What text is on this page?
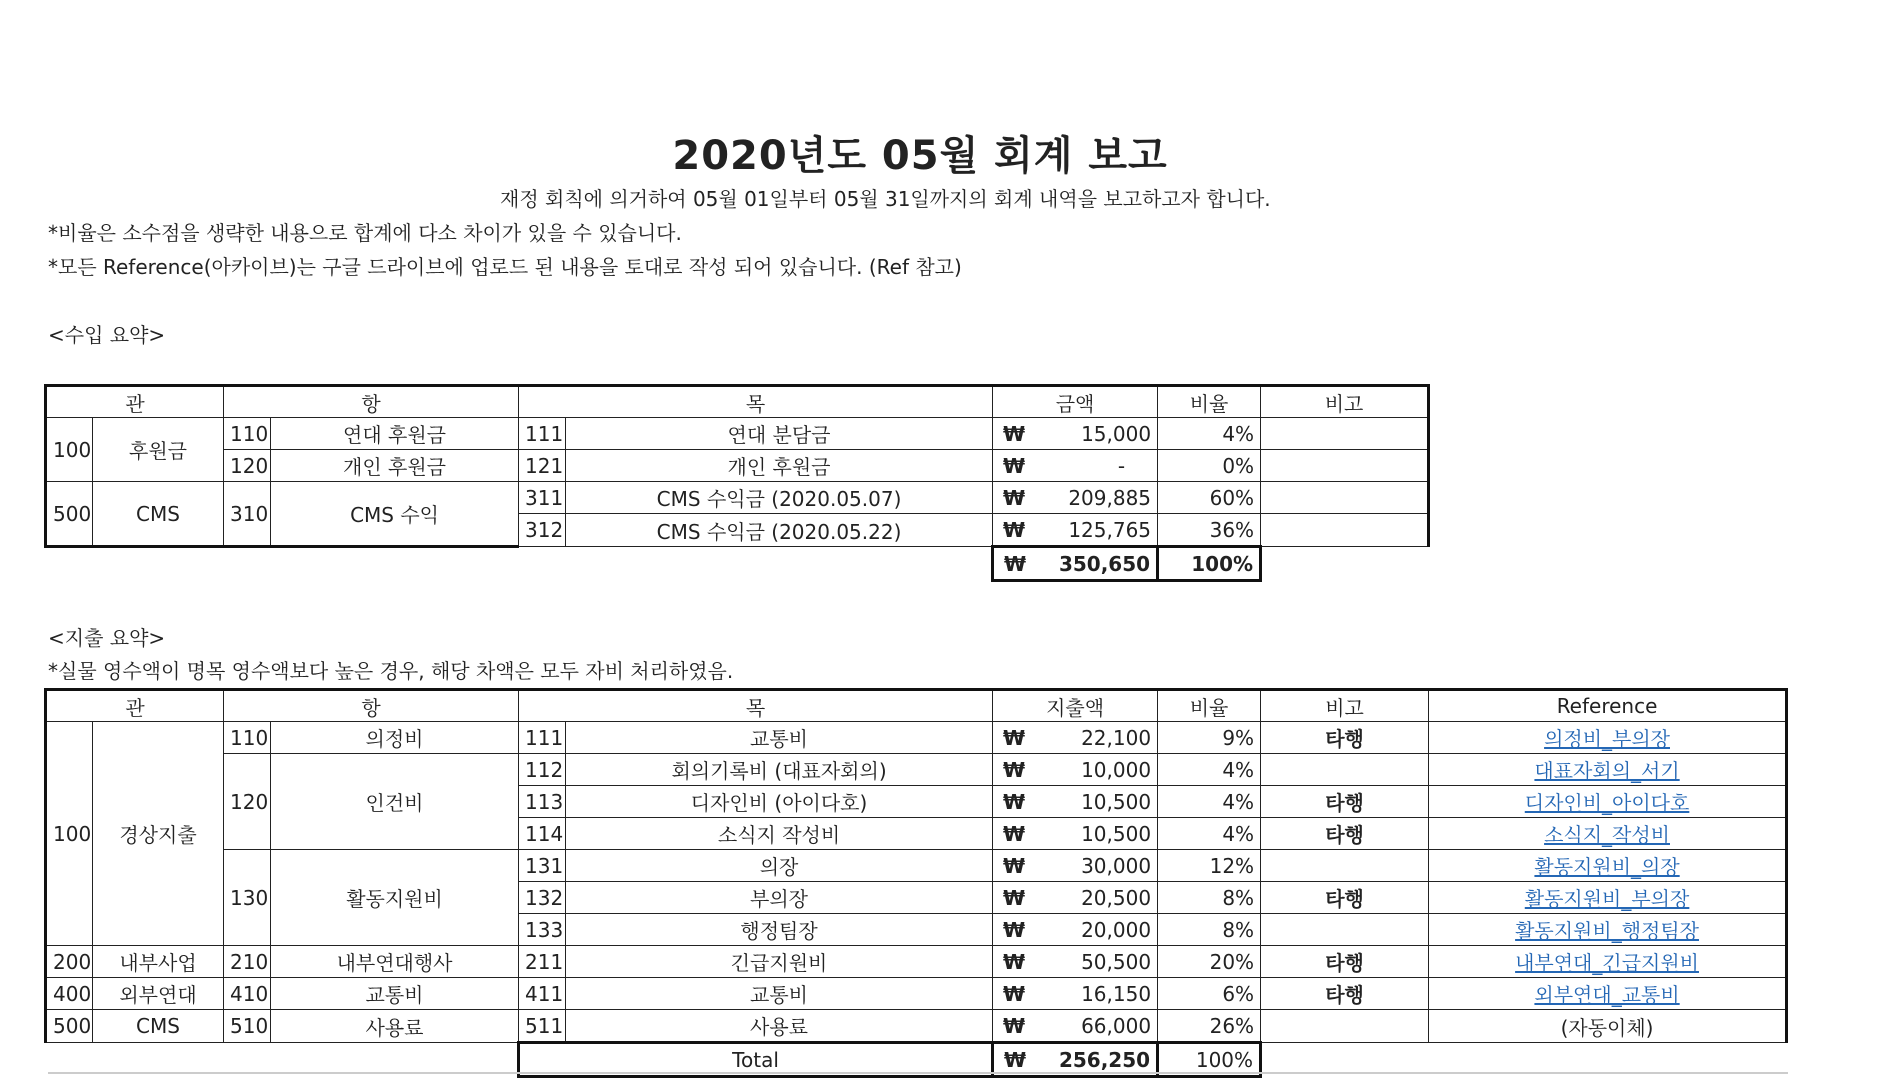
2020년도 05월 회계 보고
재정 회칙에 의거하여 05월 01일부터 05월 31일까지의 회계 내역을 보고하고자 합니다.
*비율은 소수점을 생략한 내용으로 합계에 다소 차이가 있을 수 있습니다.
*모든 Reference(아카이브)는 구글 드라이브에 업로드 된 내용을 토대로 작성 되어 있습니다. (Ref 참고)
<수입 요약>
관		항		목		금액	비율	비고
100	후원금	110	연대 후원금	111	연대 분담금	₩ 15,000	4%	
		120	개인 후원금	121	개인 후원금	₩ -	0%	
500	CMS	310	CMS 수익	311	CMS 수익금 (2020.05.07)	₩ 209,885	60%	
				312	CMS 수익금 (2020.05.22)	₩ 125,765	36%	

						₩ 350,650	100%	
<지출 요약>
*실물 영수액이 명목 영수액보다 높은 경우, 해당 차액은 모두 자비 처리하였음.
관		항		목		지출액	비율	비고	Reference
100	경상지출	110	의정비	111	교통비	₩ 22,100	9%	타행	의정비_부의장
		120	인건비	112	회의기록비 (대표자회의)	₩ 10,000	4%		대표자회의_서기
				113	디자인비 (아이다호)	₩ 10,500	4%	타행	디자인비_아이다호
				114	소식지 작성비	₩ 10,500	4%	타행	소식지_작성비
		130	활동지원비	131	의장	₩ 30,000	12%		활동지원비_의장
				132	부의장	₩ 20,500	8%	타행	활동지원비_부의장
				133	행정팀장	₩ 20,000	8%		활동지원비_행정팀장
200	내부사업	210	내부연대행사	211	긴급지원비	₩ 50,500	20%	타행	내부연대_긴급지원비
400	외부연대	410	교통비	411	교통비	₩ 16,150	6%	타행	외부연대_교통비
500	CMS	510	사용료	511	사용료	₩ 66,000	26%		(자동이체)
				Total		₩ 256,250	100%		
